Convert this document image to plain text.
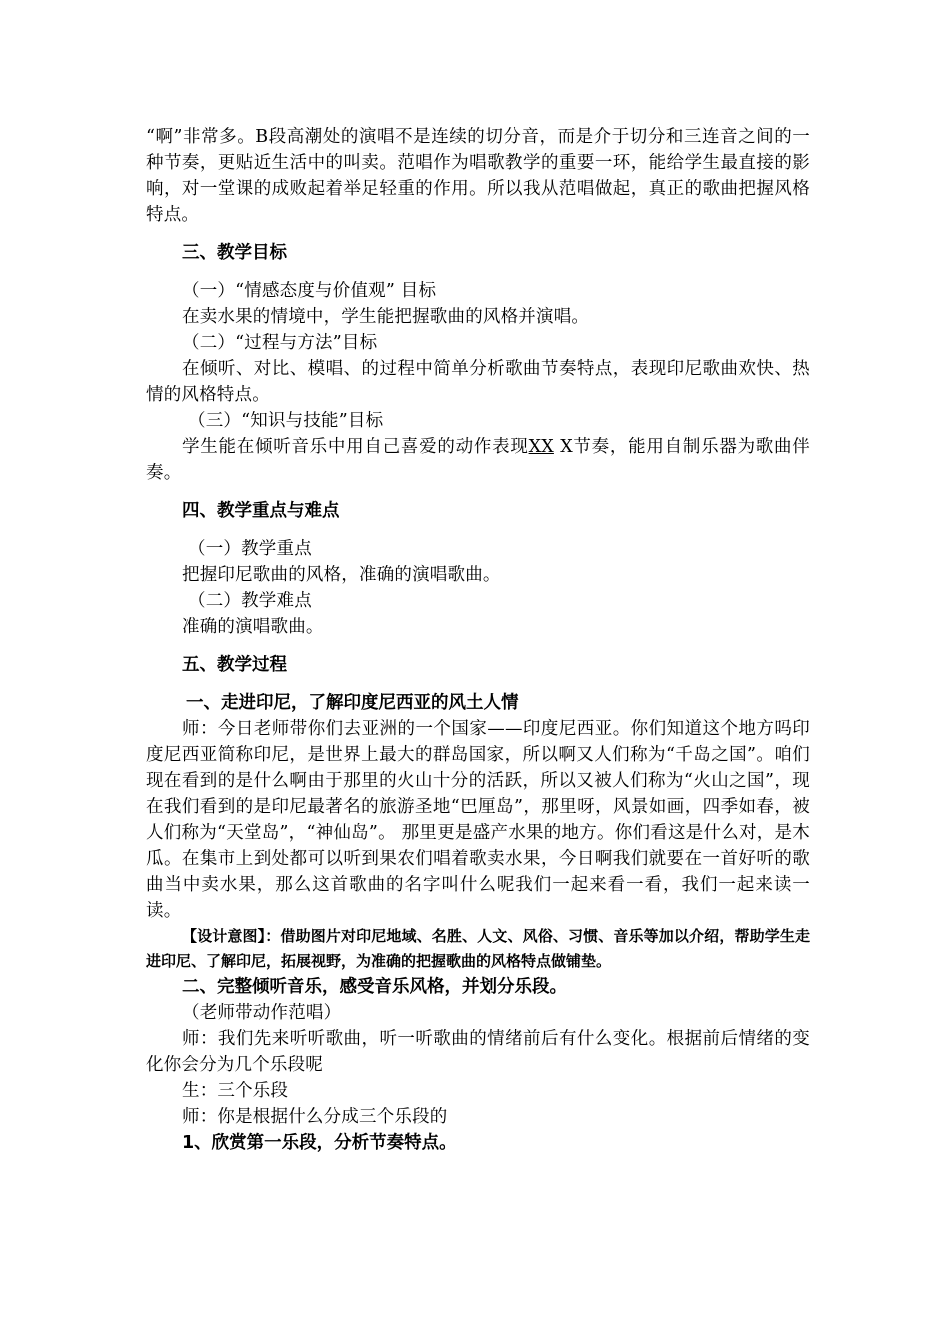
“啊”非常多。B段高潮处的演唱不是连续的切分音，而是介于切分和三连音之间的一种节奏，更贴近生活中的叫卖。范唱作为唱歌教学的重要一环，能给学生最直接的影响，对一堂课的成败起着举足轻重的作用。所以我从范唱做起，真正的歌曲把握风格特点。

三、教学目标

（一）“情感态度与价值观” 目标

在卖水果的情境中，学生能把握歌曲的风格并演唱。

（二）“过程与方法”目标

在倾听、对比、模唱、的过程中简单分析歌曲节奏特点，表现印尼歌曲欢快、热情的风格特点。

（三）“知识与技能”目标

学生能在倾听音乐中用自己喜爱的动作表现XX X节奏，能用自制乐器为歌曲伴奏。

四、教学重点与难点

（一）教学重点

把握印尼歌曲的风格，准确的演唱歌曲。

（二）教学难点

准确的演唱歌曲。

五、教学过程

一、走进印尼，了解印度尼西亚的风土人情

师：今日老师带你们去亚洲的一个国家——印度尼西亚。你们知道这个地方吗印度尼西亚简称印尼，是世界上最大的群岛国家，所以啊又人们称为“千岛之国”。咱们现在看到的是什么啊由于那里的火山十分的活跃，所以又被人们称为“火山之国”，现在我们看到的是印尼最著名的旅游圣地“巴厘岛”，那里呀，风景如画，四季如春，被人们称为“天堂岛”，“神仙岛”。 那里更是盛产水果的地方。你们看这是什么对，是木瓜。在集市上到处都可以听到果农们唱着歌卖水果，今日啊我们就要在一首好听的歌曲当中卖水果，那么这首歌曲的名字叫什么呢我们一起来看一看，我们一起来读一读。

【设计意图】：借助图片对印尼地域、名胜、人文、风俗、习惯、音乐等加以介绍，帮助学生走进印尼、了解印尼，拓展视野，为准确的把握歌曲的风格特点做铺垫。

二、完整倾听音乐，感受音乐风格，并划分乐段。

（老师带动作范唱）

师：我们先来听听歌曲，听一听歌曲的情绪前后有什么变化。根据前后情绪的变化你会分为几个乐段呢

生：三个乐段

师：你是根据什么分成三个乐段的

1、欣赏第一乐段，分析节奏特点。
